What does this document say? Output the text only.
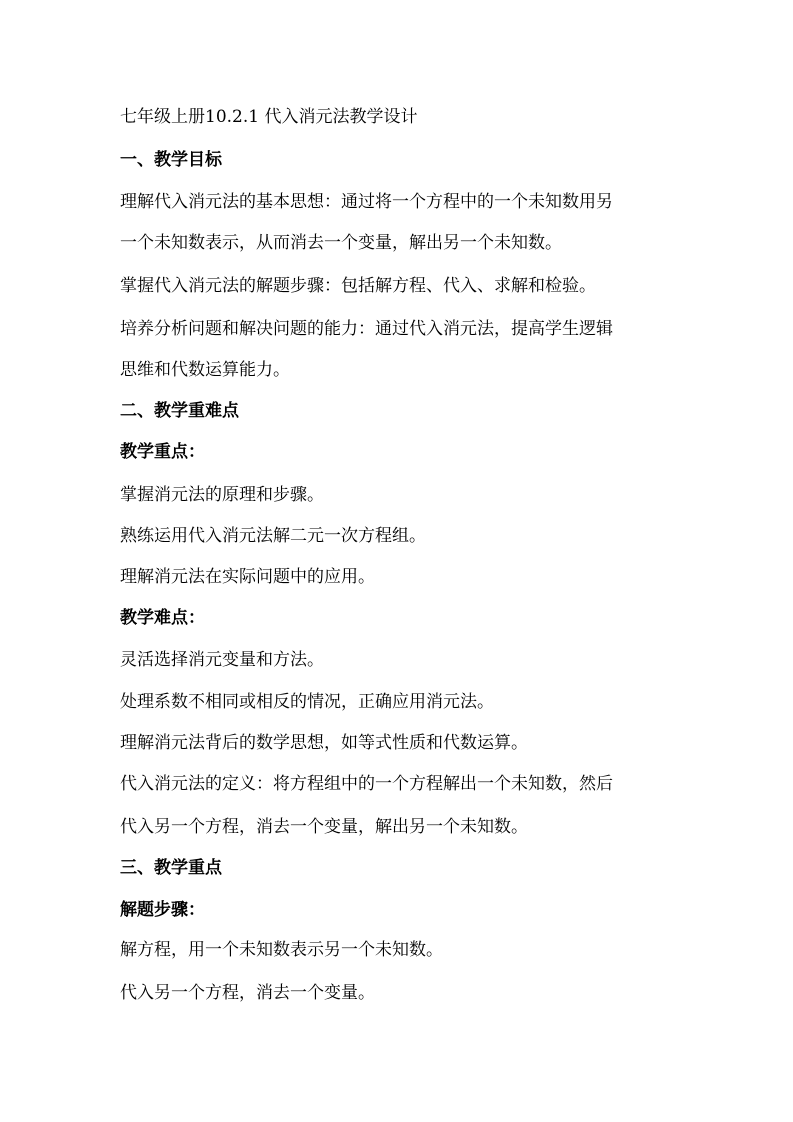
七年级上册10.2.1 代入消元法教学设计
一、教学目标
理解代入消元法的基本思想：通过将一个方程中的一个未知数用另
一个未知数表示，从而消去一个变量，解出另一个未知数。
掌握代入消元法的解题步骤：包括解方程、代入、求解和检验。
培养分析问题和解决问题的能力：通过代入消元法，提高学生逻辑
思维和代数运算能力。
二、教学重难点
教学重点：
掌握消元法的原理和步骤。
熟练运用代入消元法解二元一次方程组。
理解消元法在实际问题中的应用。
教学难点：
灵活选择消元变量和方法。
处理系数不相同或相反的情况，正确应用消元法。
理解消元法背后的数学思想，如等式性质和代数运算。
代入消元法的定义：将方程组中的一个方程解出一个未知数，然后
代入另一个方程，消去一个变量，解出另一个未知数。
三、教学重点
解题步骤：
解方程，用一个未知数表示另一个未知数。
代入另一个方程，消去一个变量。
